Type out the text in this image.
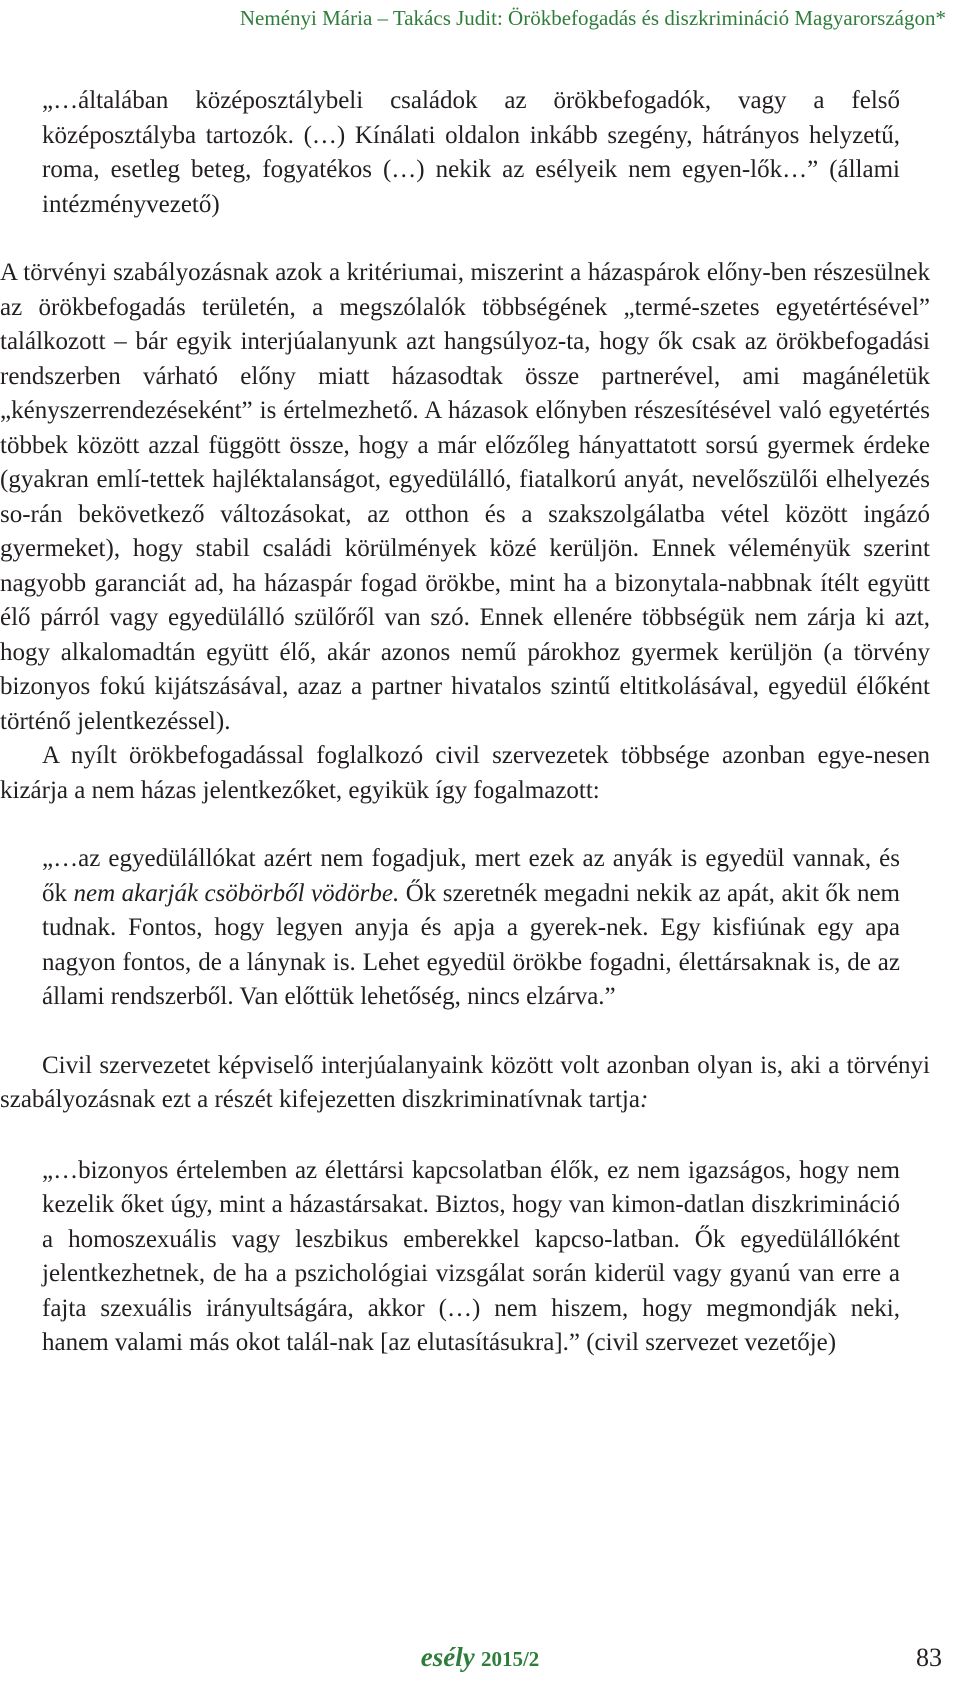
Neményi Mária – Takács Judit: Örökbefogadás és diszkrimináció Magyarországon*

„…általában középosztálybeli családok az örökbefogadók, vagy a felső középosztályba tartozók. (…) Kínálati oldalon inkább szegény, hátrányos helyzetű, roma, esetleg beteg, fogyatékos (…) nekik az esélyeik nem egyen-lők…” (állami intézményvezető)

A törvényi szabályozásnak azok a kritériumai, miszerint a házaspárok előny-ben részesülnek az örökbefogadás területén, a megszólalók többségének „termé-szetes egyetértésével” találkozott – bár egyik interjúalanyunk azt hangsúlyoz-ta, hogy ők csak az örökbefogadási rendszerben várható előny miatt házasodtak össze partnerével, ami magánéletük „kényszerrendezéseként” is értelmezhető. A házasok előnyben részesítésével való egyetértés többek között azzal függött össze, hogy a már előzőleg hányattatott sorsú gyermek érdeke (gyakran emlí-tettek hajléktalanságot, egyedülálló, fiatalkorú anyát, nevelőszülői elhelyezés so-rán bekövetkező változásokat, az otthon és a szakszolgálatba vétel között ingázó gyermeket), hogy stabil családi körülmények közé kerüljön. Ennek véleményük szerint nagyobb garanciát ad, ha házaspár fogad örökbe, mint ha a bizonytala-nabbnak ítélt együtt élő párról vagy egyedülálló szülőről van szó. Ennek ellenére többségük nem zárja ki azt, hogy alkalomadtán együtt élő, akár azonos nemű párokhoz gyermek kerüljön (a törvény bizonyos fokú kijátszásával, azaz a partner hivatalos szintű eltitkolásával, egyedül élőként történő jelentkezéssel).

A nyílt örökbefogadással foglalkozó civil szervezetek többsége azonban egye-nesen kizárja a nem házas jelentkezőket, egyikük így fogalmazott:

„…az egyedülállókat azért nem fogadjuk, mert ezek az anyák is egyedül vannak, és ők nem akarják csöbörből vödörbe. Ők szeretnék megadni nekik az apát, akit ők nem tudnak. Fontos, hogy legyen anyja és apja a gyerek-nek. Egy kisfiúnak egy apa nagyon fontos, de a lánynak is. Lehet egyedül örökbe fogadni, élettársaknak is, de az állami rendszerből. Van előttük lehetőség, nincs elzárva.”

Civil szervezetet képviselő interjúalanyaink között volt azonban olyan is, aki a törvényi szabályozásnak ezt a részét kifejezetten diszkriminatívnak tartja:

„…bizonyos értelemben az élettársi kapcsolatban élők, ez nem igazságos, hogy nem kezelik őket úgy, mint a házastársakat. Biztos, hogy van kimon-datlan diszkrimináció a homoszexuális vagy leszbikus emberekkel kapcso-latban. Ők egyedülállóként jelentkezhetnek, de ha a pszichológiai vizsgálat során kiderül vagy gyanú van erre a fajta szexuális irányultságára, akkor (…) nem hiszem, hogy megmondják neki, hanem valami más okot talál-nak [az elutasításukra].” (civil szervezet vezetője)

esély 2015/2	83
